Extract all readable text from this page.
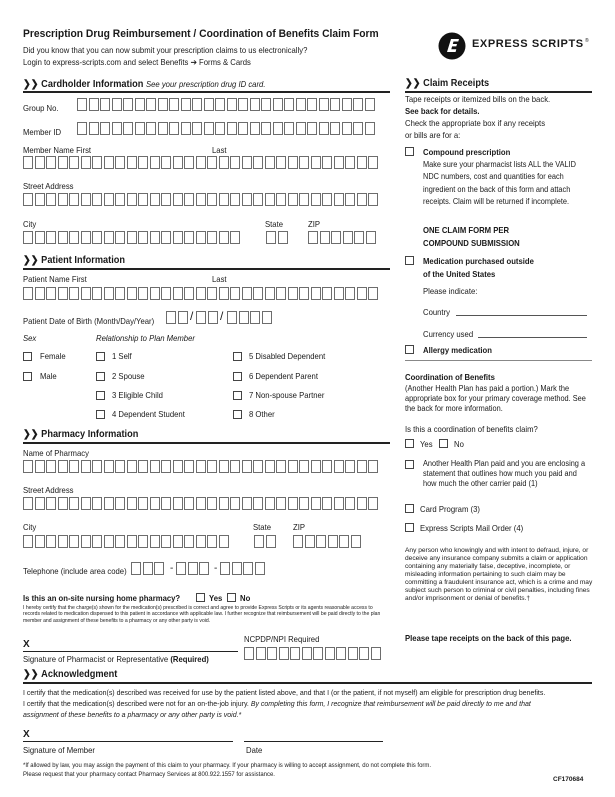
Prescription Drug Reimbursement / Coordination of Benefits Claim Form
Did you know that you can now submit your prescription claims to us electronically?
Login to express-scripts.com and select Benefits ➔ Forms & Cards
EXPRESS SCRIPTS ®
❯❯ Cardholder Information See your prescription drug ID card.
Group No.
Member ID
Member Name First	Last
Street Address
City	State	ZIP
❯❯ Patient Information
Patient Name First	Last
Patient Date of Birth (Month/Day/Year)	/ /
Sex	Relationship to Plan Member
Female
Male
1 Self
2 Spouse
3 Eligible Child
4 Dependent Student
5 Disabled Dependent
6 Dependent Parent
7 Non-spouse Partner
8 Other
❯❯ Pharmacy Information
Name of Pharmacy
Street Address
City	State	ZIP
Telephone (include area code)	-	-
Is this an on-site nursing home pharmacy?	Yes No
I hereby certify that the charge(s) shown for the medication(s) prescribed is correct and agree to provide Express Scripts or its agents reasonable access to records related to medication dispensed to this patient in accordance with applicable law. I further recognize that reimbursement will be paid directly to the plan member and assignment of these benefits to a pharmacy or any other party is void.
X
Signature of Pharmacist or Representative (Required)
NCPDP/NPI Required
❯❯ Claim Receipts
Tape receipts or itemized bills on the back.
See back for details.
Check the appropriate box if any receipts
or bills are for a:
Compound prescription
Make sure your pharmacist lists ALL the VALID NDC numbers, cost and quantities for each ingredient on the back of this form and attach receipts. Claim will be returned if incomplete.
ONE CLAIM FORM PER
COMPOUND SUBMISSION
Medication purchased outside
of the United States
Please indicate:
Country
Currency used
Allergy medication
Coordination of Benefits
(Another Health Plan has paid a portion.) Mark the appropriate box for your primary coverage method. See the back for more information.
Is this a coordination of benefits claim?
Yes	No
Another Health Plan paid and you are enclosing a statement that outlines how much you paid and how much the other carrier paid (1)
Card Program (3)
Express Scripts Mail Order (4)
Any person who knowingly and with intent to defraud, injure, or deceive any insurance company submits a claim or application containing any materially false, deceptive, incomplete, or misleading information pertaining to such claim may be committing a fraudulent insurance act, which is a crime and may subject such person to criminal or civil penalties, including fines and/or imprisonment or denial of benefits.†
Please tape receipts on the back of this page.
❯❯ Acknowledgment
I certify that the medication(s) described was received for use by the patient listed above, and that I (or the patient, if not myself) am eligible for prescription drug benefits.
I certify that the medication(s) described were not for an on-the-job injury. By completing this form, I recognize that reimbursement will be paid directly to me and that
assignment of these benefits to a pharmacy or any other party is void.*
X
Signature of Member	Date
*If allowed by law, you may assign the payment of this claim to your pharmacy. If your pharmacy is willing to accept assignment, do not complete this form.
Please request that your pharmacy contact Pharmacy Services at 800.922.1557 for assistance.
CF170684
